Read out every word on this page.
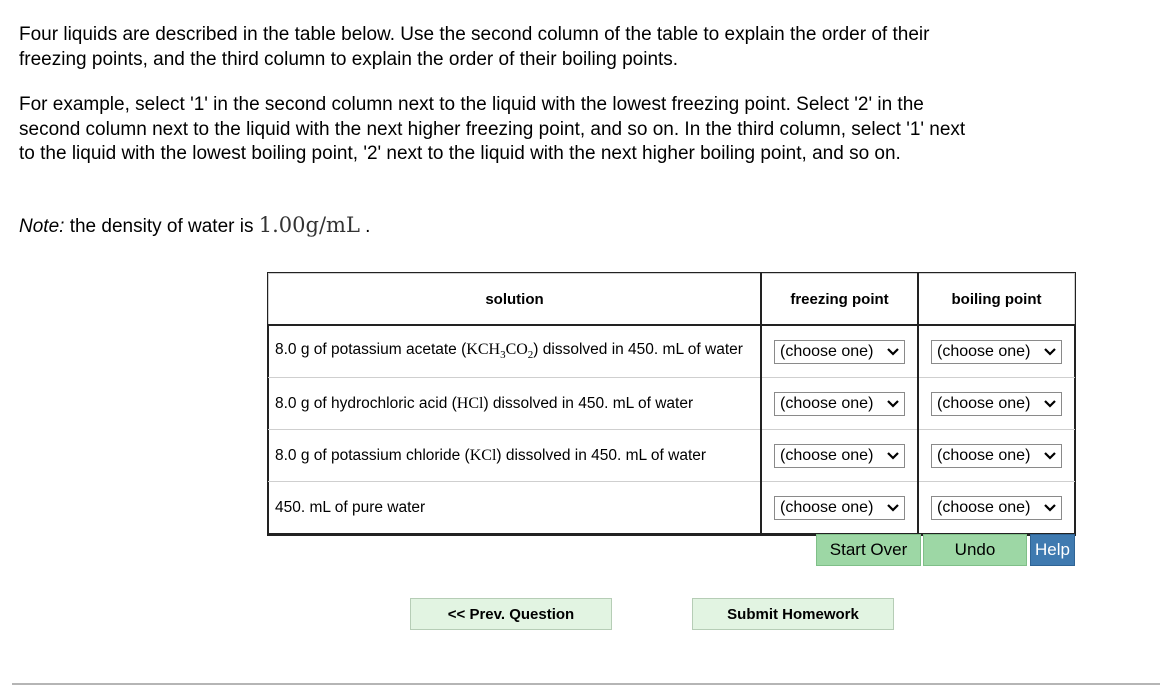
Four liquids are described in the table below. Use the second column of the table to explain the order of their freezing points, and the third column to explain the order of their boiling points.

For example, select '1' in the second column next to the liquid with the lowest freezing point. Select '2' in the second column next to the liquid with the next higher freezing point, and so on. In the third column, select '1' next to the liquid with the lowest boiling point, '2' next to the liquid with the next higher boiling point, and so on.

Note: the density of water is 1.00g/mL .

solution	freezing point	boiling point
8.0 g of potassium acetate $(KCH_3CO_2)$ dissolved in 450. mL of water	(choose one)	(choose one)

8.0 g of hydrochloric acid (HCl) dissolved in 450. mL of water	(choose one)	(choose one)

8.0 g of potassium chloride (KCl) dissolved in 450. mL of water	(choose one)	(choose one)

450. mL of pure water	(choose one)	(choose one)
Start Over	Undo	Help
<< Prev. Question	Submit Homework
